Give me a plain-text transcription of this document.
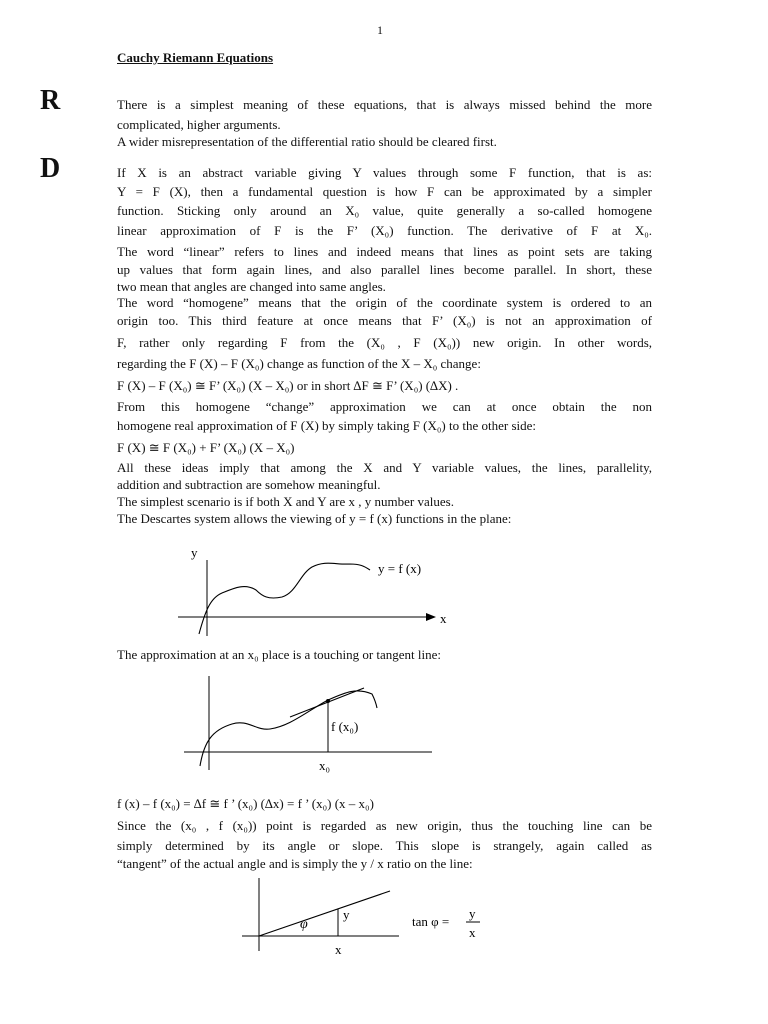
1
Cauchy Riemann Equations
R
D
There is a simplest meaning of these equations, that is always missed behind the more
complicated, higher arguments.
A wider misrepresentation of the differential ratio should be cleared first.
If X is an abstract variable giving Y values through some F function, that is as:
Y = F (X), then a fundamental question is how F can be approximated by a simpler
function. Sticking only around an X₀ value, quite generally a so-called homogene
linear approximation of F is the F’ (X₀) function. The derivative of F at X₀.
The word “linear” refers to lines and indeed means that lines as point sets are taking
up values that form again lines, and also parallel lines become parallel. In short, these
two mean that angles are changed into same angles.
The word “homogene” means that the origin of the coordinate system is ordered to an
origin too. This third feature at once means that F’ (X₀) is not an approximation of
F, rather only regarding F from the (X₀ , F (X₀)) new origin. In other words,
regarding the F (X) – F (X₀) change as function of the X – X₀ change:
F (X) – F (X₀) ≅ F’ (X₀) (X – X₀) or in short ∆F ≅ F’ (X₀) (∆X) .
From this homogene “change” approximation we can at once obtain the non
homogene real approximation of F (X) by simply taking F (X₀) to the other side:
F (X) ≅ F (X₀) + F’ (X₀) (X – X₀)
All these ideas imply that among the X and Y variable values, the lines, parallelity,
addition and subtraction are somehow meaningful.
The simplest scenario is if both X and Y are x , y number values.
The Descartes system allows the viewing of y = f (x) functions in the plane:
y
x
y = f (x)
The approximation at an x₀ place is a touching or tangent line:
f (x₀)
x₀
f (x) – f (x₀) = ∆f ≅ f ’ (x₀) (∆x) = f ’ (x₀) (x – x₀)
Since the (x₀ , f (x₀)) point is regarded as new origin, thus the touching line can be
simply determined by its angle or slope. This slope is strangely, again called as
“tangent” of the actual angle and is simply the y / x ratio on the line:
φ
y
x
tan φ =
y
x
